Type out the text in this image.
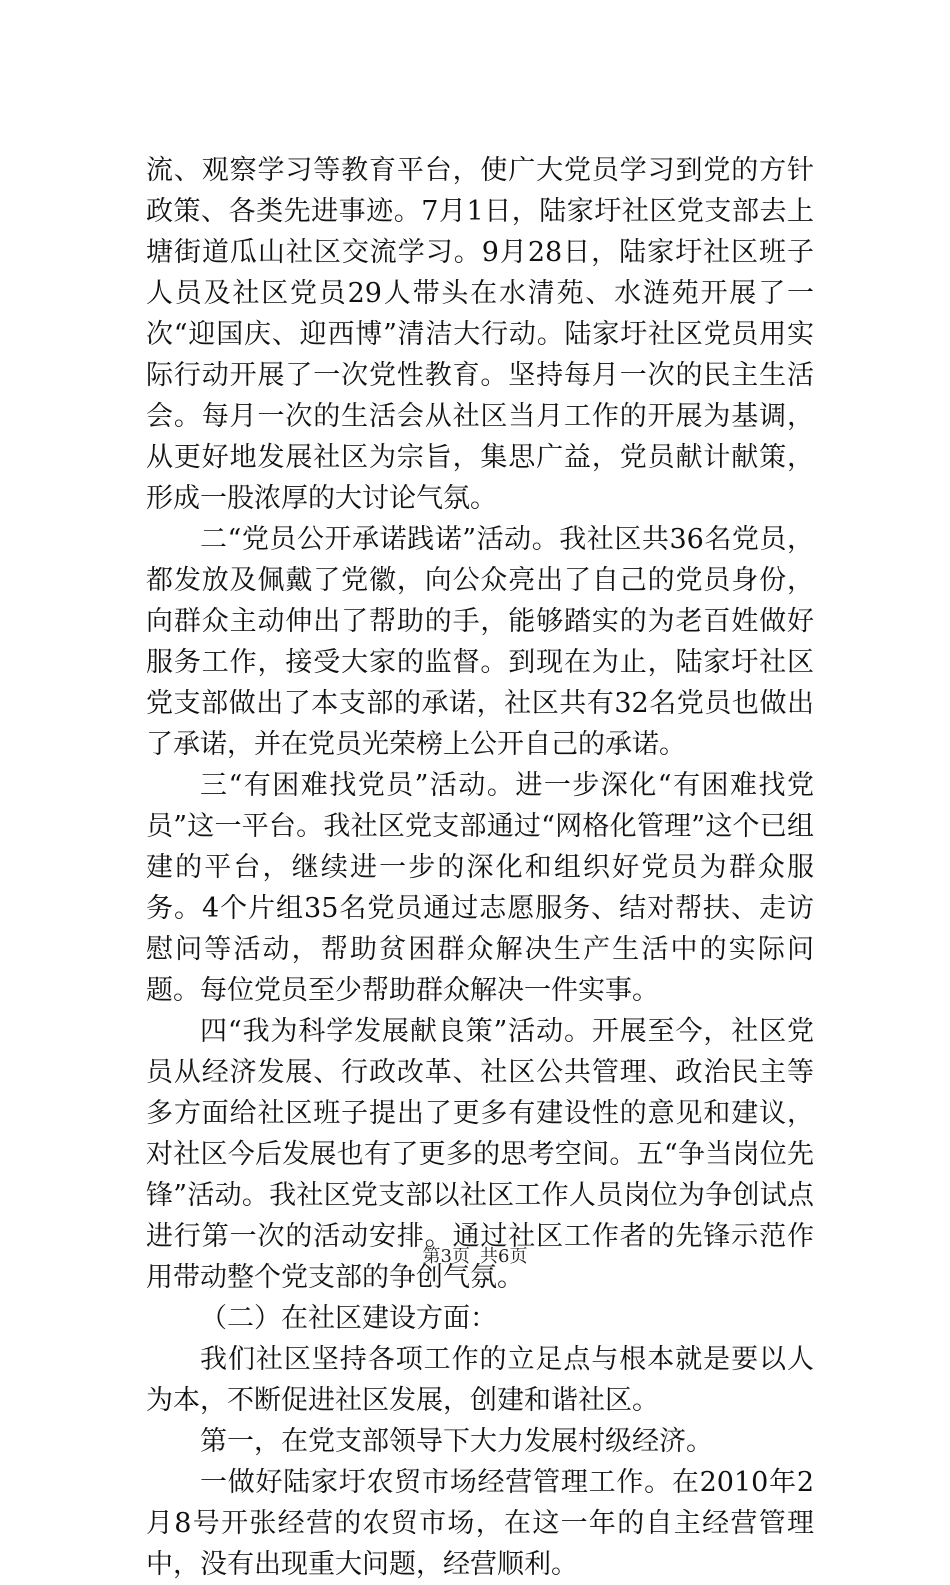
流、观察学习等教育平台，使广大党员学习到党的方针政策、各类先进事迹。7月1日，陆家圩社区党支部去上塘街道瓜山社区交流学习。9月28日，陆家圩社区班子人员及社区党员29人带头在水清苑、水涟苑开展了一次“迎国庆、迎西博”清洁大行动。陆家圩社区党员用实际行动开展了一次党性教育。坚持每月一次的民主生活会。每月一次的生活会从社区当月工作的开展为基调，从更好地发展社区为宗旨，集思广益，党员献计献策，形成一股浓厚的大讨论气氛。

二“党员公开承诺践诺”活动。我社区共36名党员，都发放及佩戴了党徽，向公众亮出了自己的党员身份，向群众主动伸出了帮助的手，能够踏实的为老百姓做好服务工作，接受大家的监督。到现在为止，陆家圩社区党支部做出了本支部的承诺，社区共有32名党员也做出了承诺，并在党员光荣榜上公开自己的承诺。

三“有困难找党员”活动。进一步深化“有困难找党员”这一平台。我社区党支部通过“网格化管理”这个已组建的平台，继续进一步的深化和组织好党员为群众服务。4个片组35名党员通过志愿服务、结对帮扶、走访慰问等活动，帮助贫困群众解决生产生活中的实际问题。每位党员至少帮助群众解决一件实事。

四“我为科学发展献良策”活动。开展至今，社区党员从经济发展、行政改革、社区公共管理、政治民主等多方面给社区班子提出了更多有建设性的意见和建议，对社区今后发展也有了更多的思考空间。五“争当岗位先锋”活动。我社区党支部以社区工作人员岗位为争创试点进行第一次的活动安排。通过社区工作者的先锋示范作用带动整个党支部的争创气氛。

（二）在社区建设方面：

我们社区坚持各项工作的立足点与根本就是要以人为本，不断促进社区发展，创建和谐社区。

第一，在党支部领导下大力发展村级经济。

一做好陆家圩农贸市场经营管理工作。在2010年2月8号开张经营的农贸市场，在这一年的自主经营管理中，没有出现重大问题，经营顺利。

第3页 共6页
